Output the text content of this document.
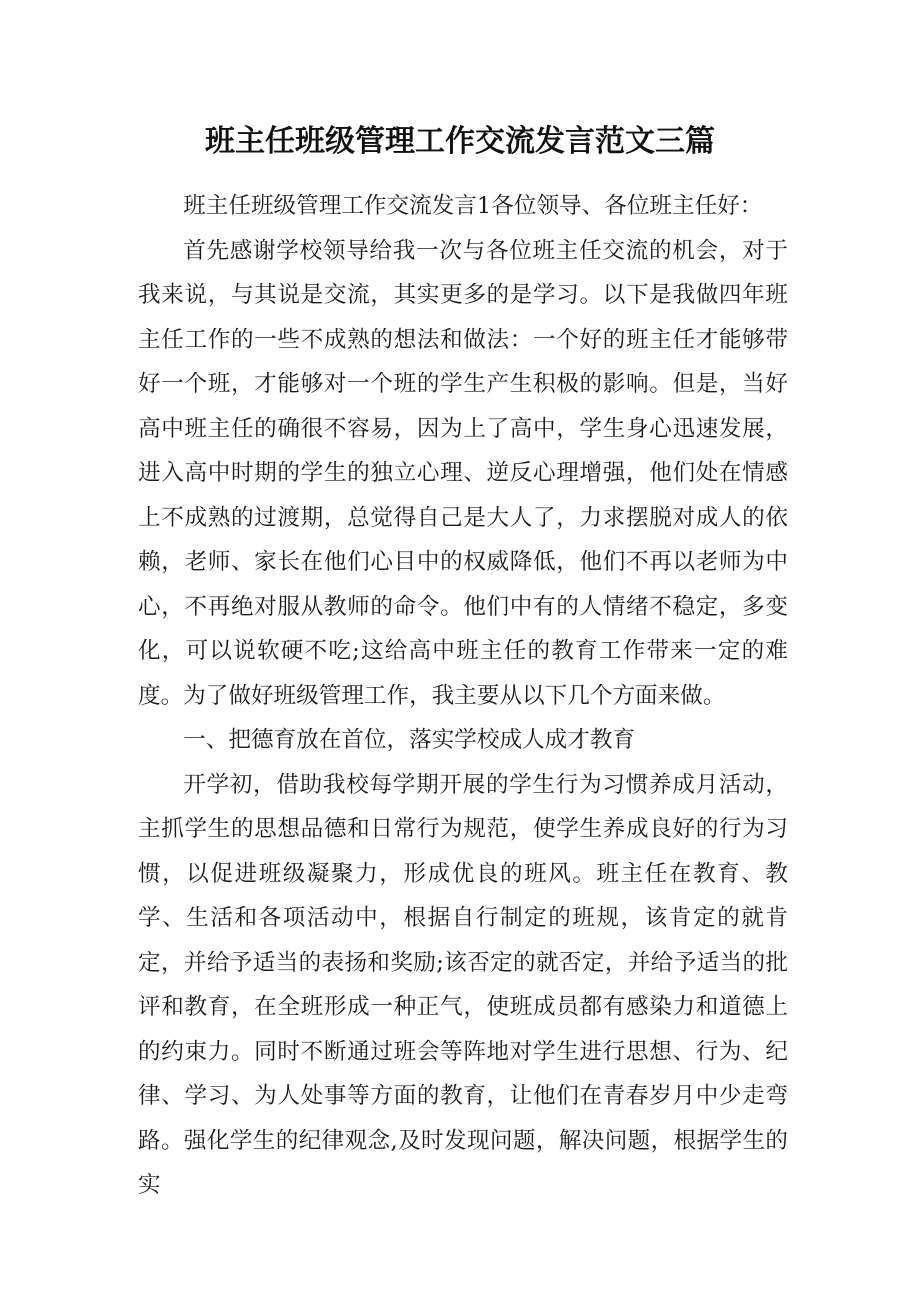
班主任班级管理工作交流发言范文三篇

班主任班级管理工作交流发言1各位领导、各位班主任好：

首先感谢学校领导给我一次与各位班主任交流的机会，对于我来说，与其说是交流，其实更多的是学习。以下是我做四年班主任工作的一些不成熟的想法和做法：一个好的班主任才能够带好一个班，才能够对一个班的学生产生积极的影响。但是，当好高中班主任的确很不容易，因为上了高中，学生身心迅速发展，进入高中时期的学生的独立心理、逆反心理增强，他们处在情感上不成熟的过渡期，总觉得自己是大人了，力求摆脱对成人的依赖，老师、家长在他们心目中的权威降低，他们不再以老师为中心，不再绝对服从教师的命令。他们中有的人情绪不稳定，多变化，可以说软硬不吃;这给高中班主任的教育工作带来一定的难度。为了做好班级管理工作，我主要从以下几个方面来做。

一、把德育放在首位，落实学校成人成才教育

开学初，借助我校每学期开展的学生行为习惯养成月活动，主抓学生的思想品德和日常行为规范，使学生养成良好的行为习惯，以促进班级凝聚力，形成优良的班风。班主任在教育、教学、生活和各项活动中，根据自行制定的班规，该肯定的就肯定，并给予适当的表扬和奖励;该否定的就否定，并给予适当的批评和教育，在全班形成一种正气，使班成员都有感染力和道德上的约束力。同时不断通过班会等阵地对学生进行思想、行为、纪律、学习、为人处事等方面的教育，让他们在青春岁月中少走弯路。强化学生的纪律观念,及时发现问题，解决问题，根据学生的实
